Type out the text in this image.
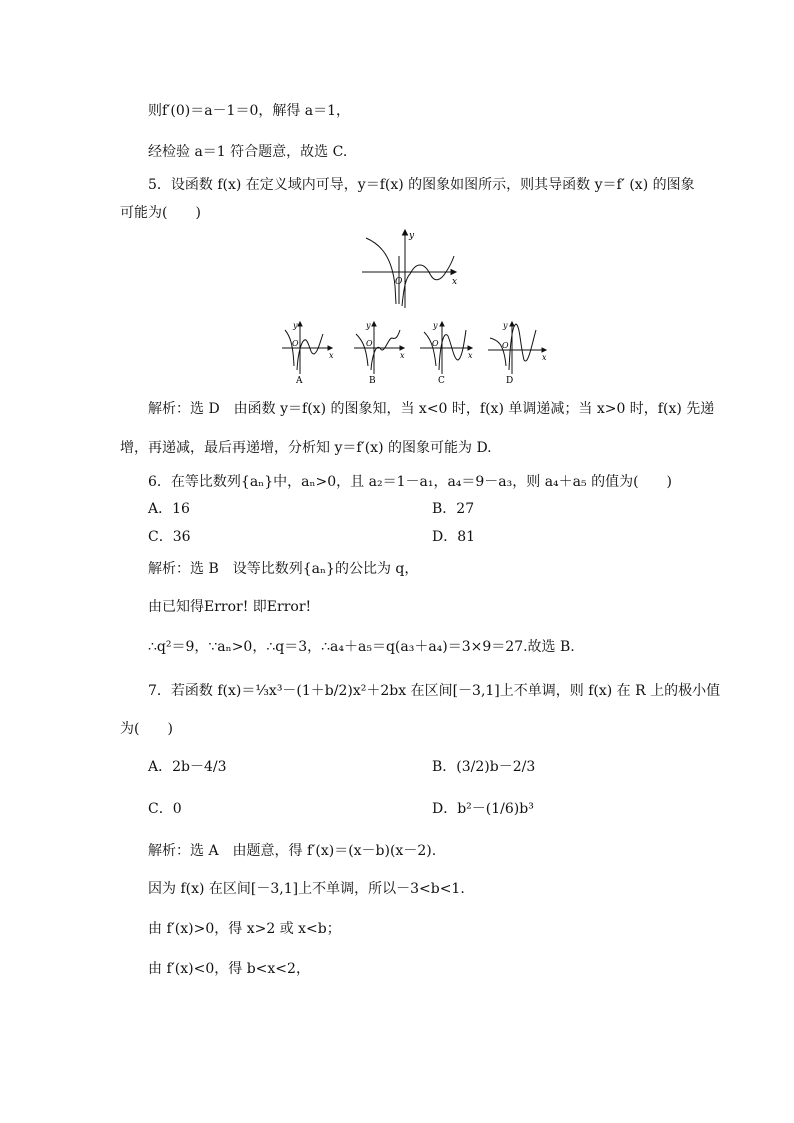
则f′(0)＝a－1＝0，解得 a＝1，
经检验 a＝1 符合题意，故选 C.
5．设函数 f(x) 在定义域内可导，y＝f(x) 的图象如图所示，则其导函数 y＝f′ (x) 的图象
可能为(　　)
y
x
O
y
x
O
A
y
x
O
B
y
x
O
C
y
x
O
D
解析：选 D　由函数 y＝f(x) 的图象知，当 x<0 时，f(x) 单调递减；当 x>0 时，f(x) 先递
增，再递减，最后再递增，分析知 y＝f′(x) 的图象可能为 D.
6．在等比数列{aₙ}中，aₙ>0，且 a₂＝1－a₁，a₄＝9－a₃，则 a₄＋a₅ 的值为(　　)
A．16	B．27
C．36	D．81
解析：选 B　设等比数列{aₙ}的公比为 q，
由已知得Error! 即Error!
∴q²＝9，∵aₙ>0，∴q＝3，∴a₄＋a₅＝q(a₃＋a₄)＝3×9＝27.故选 B.
7．若函数 f(x)＝⅓x³－(1＋b/2)x²＋2bx 在区间[－3,1]上不单调，则 f(x) 在 R 上的极小值
为(　　)
A．2b－4/3	B．(3/2)b－2/3
C．0	D．b²－(1/6)b³
解析：选 A　由题意，得 f′(x)＝(x－b)(x－2).
因为 f(x) 在区间[－3,1]上不单调，所以－3<b<1.
由 f′(x)>0，得 x>2 或 x<b；
由 f′(x)<0，得 b<x<2，
